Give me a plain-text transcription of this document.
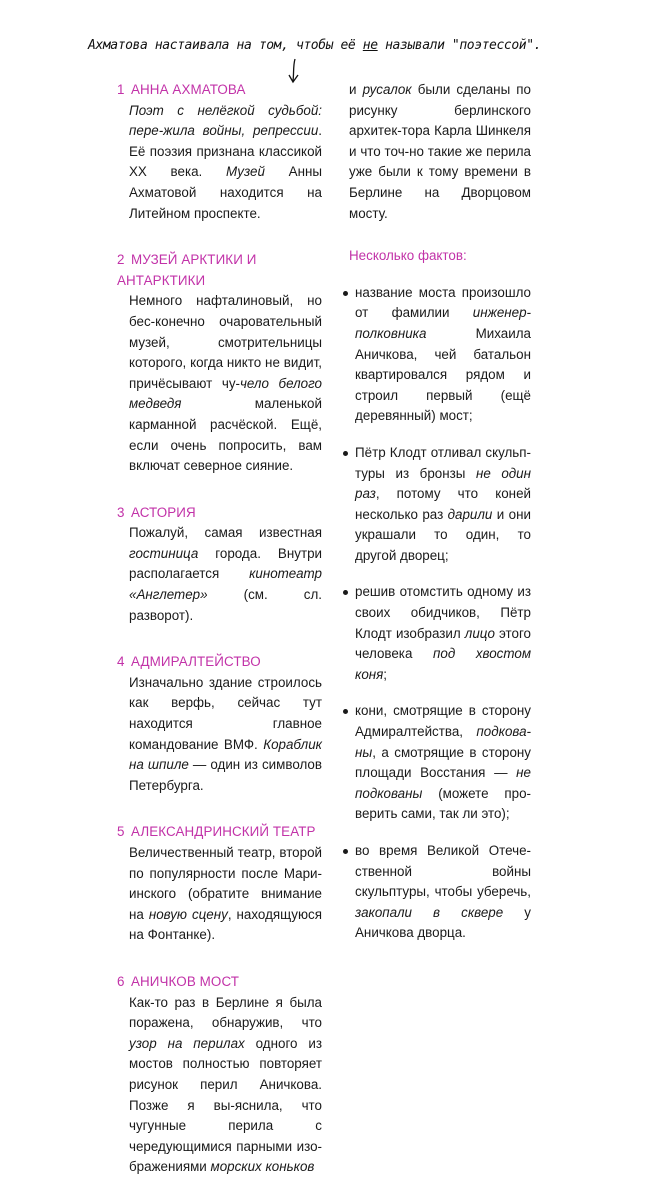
Ахматова настаивала на том, чтобы её не называли "поэтессой".
1 АННА АХМАТОВА
Поэт с нелёгкой судьбой: пере-жила войны, репрессии. Её поэзия признана классикой XX века. Музей Анны Ахматовой находится на Литейном проспекте.
2 МУЗЕЙ АРКТИКИ И АНТАРКТИКИ
Немного нафталиновый, но бес-конечно очаровательный музей, смотрительницы которого, когда никто не видит, причёсывают чу-чело белого медведя маленькой карманной расчёской. Ещё, если очень попросить, вам включат северное сияние.
3 АСТОРИЯ
Пожалуй, самая известная гостиница города. Внутри располагается кинотеатр «Англетер» (см. сл. разворот).
4 АДМИРАЛТЕЙСТВО
Изначально здание строилось как верфь, сейчас тут находится главное командование ВМФ. Кораблик на шпиле — один из символов Петербурга.
5 АЛЕКСАНДРИНСКИЙ ТЕАТР
Величественный театр, второй по популярности после Мари-инского (обратите внимание на новую сцену, находящуюся на Фонтанке).
6 АНИЧКОВ МОСТ
Как-то раз в Берлине я была поражена, обнаружив, что узор на перилах одного из мостов полностью повторяет рисунок перил Аничкова. Позже я вы-яснила, что чугунные перила с чередующимися парными изо-бражениями морских коньков
и русалок были сделаны по рисунку берлинского архитек-тора Карла Шинкеля и что точ-но такие же перила уже были к тому времени в Берлине на Дворцовом мосту.
Несколько фактов:
название моста произошло от фамилии инженер-полковника Михаила Аничкова, чей батальон квартировался рядом и строил первый (ещё деревянный) мост;
Пётр Клодт отливал скульп-туры из бронзы не один раз, потому что коней несколько раз дарили и они украшали то один, то другой дворец;
решив отомстить одному из своих обидчиков, Пётр Клодт изобразил лицо этого человека под хвостом коня;
кони, смотрящие в сторону Адмиралтейства, подкова-ны, а смотрящие в сторону площади Восстания — не подкованы (можете про-верить сами, так ли это);
во время Великой Отече-ственной войны скульптуры, чтобы уберечь, закопали в сквере у Аничкова дворца.
